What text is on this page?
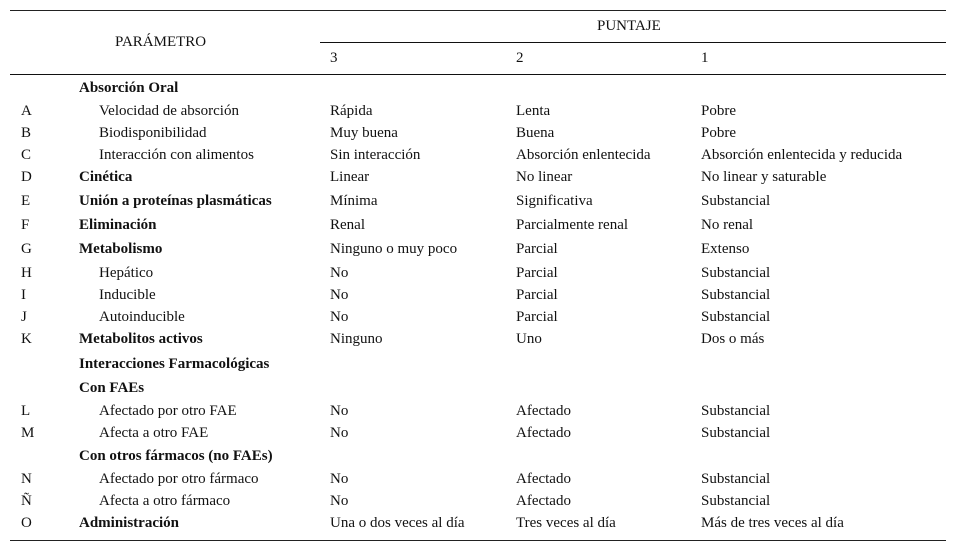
PARÁMETRO
PUNTAJE
3	2	1
Absorción Oral
A	Velocidad de absorción	Rápida	Lenta	Pobre
B	Biodisponibilidad	Muy buena	Buena	Pobre
C	Interacción con alimentos	Sin interacción	Absorción enlentecida	Absorción enlentecida y reducida
D	Cinética	Linear	No linear	No linear y saturable
E	Unión a proteínas plasmáticas	Mínima	Significativa	Substancial
F	Eliminación	Renal	Parcialmente renal	No renal
G	Metabolismo	Ninguno o muy poco	Parcial	Extenso
H	Hepático	No	Parcial	Substancial
I	Inducible	No	Parcial	Substancial
J	Autoinducible	No	Parcial	Substancial
K	Metabolitos activos	Ninguno	Uno	Dos o más
Interacciones Farmacológicas
Con FAEs
L	Afectado por otro FAE	No	Afectado	Substancial
M	Afecta a otro FAE	No	Afectado	Substancial
Con otros fármacos (no FAEs)
N	Afectado por otro fármaco	No	Afectado	Substancial
Ñ	Afecta a otro fármaco	No	Afectado	Substancial
O	Administración	Una o dos veces al día	Tres veces al día	Más de tres veces al día
